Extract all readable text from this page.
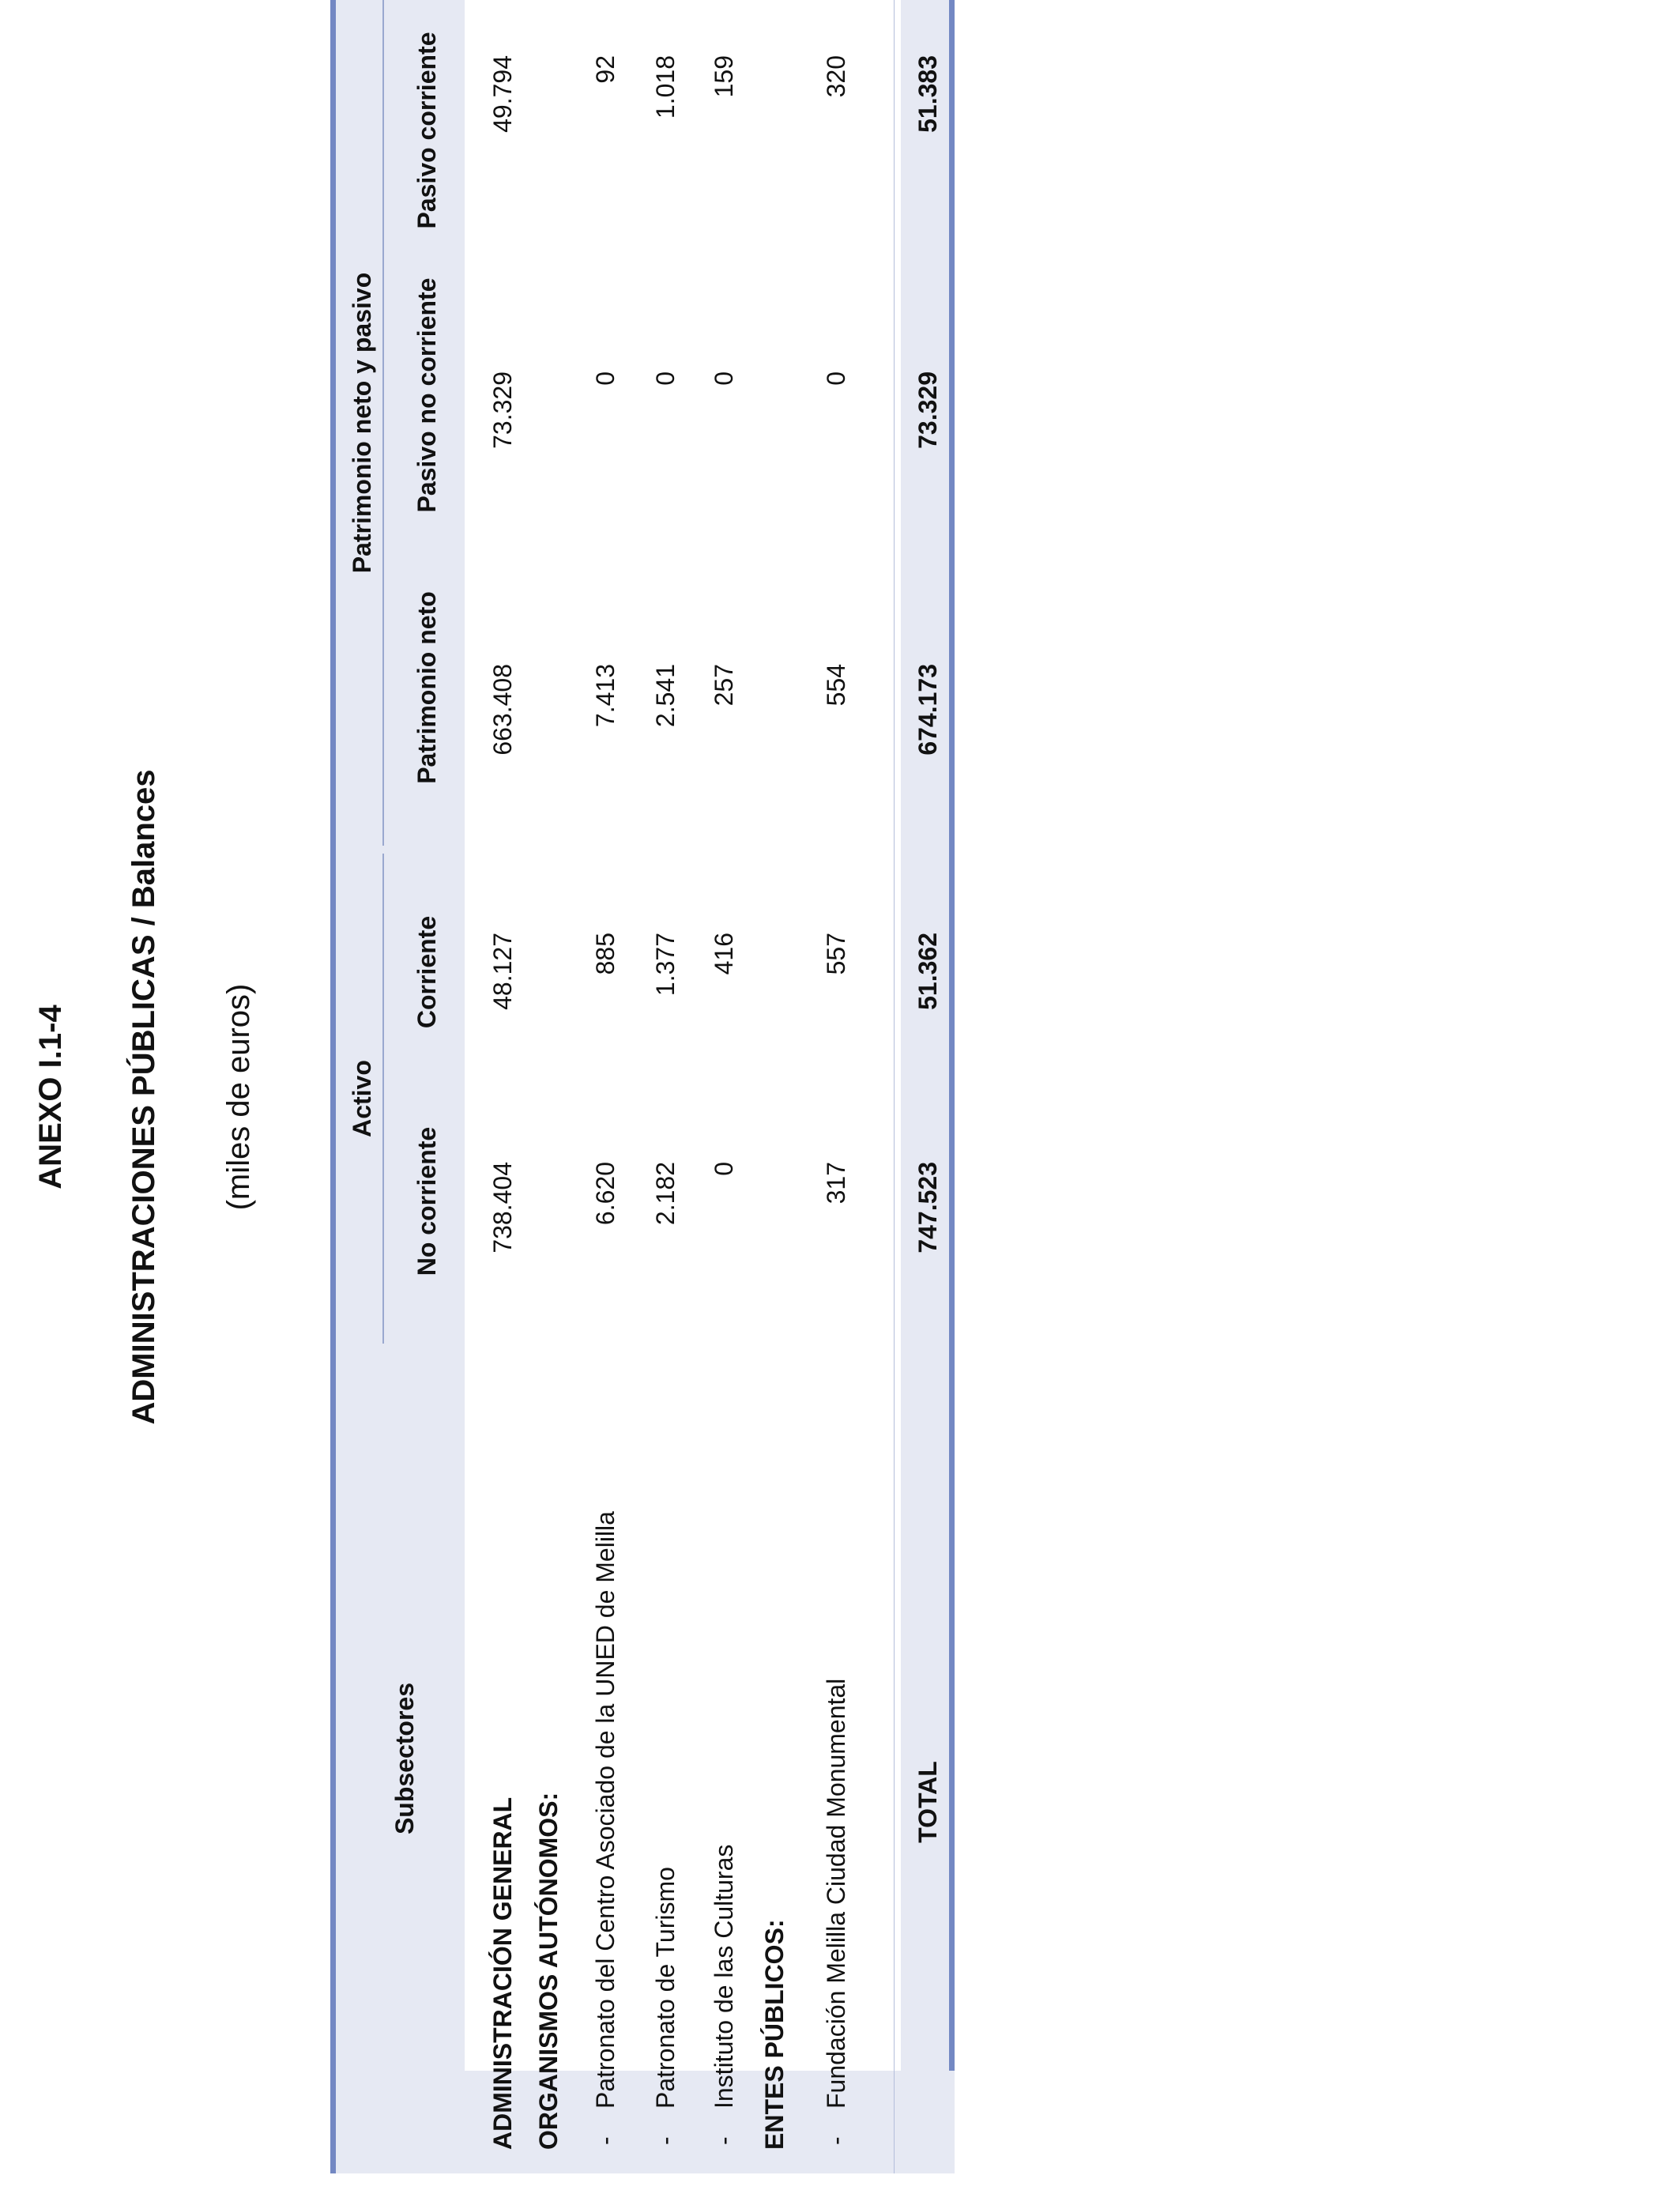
ANEXO I.1-4 ADMINISTRACIONES PÚBLICAS / Balances (miles de euros)
Subsectores
Activo
Patrimonio neto y pasivo
No corriente
Corriente
Patrimonio neto
Pasivo no corriente
Pasivo corriente
ADMINISTRACIÓN GENERAL
738.404
48.127
663.408
73.329
49.794
ORGANISMOS AUTÓNOMOS: -
Patronato del Centro Asociado de la UNED de Melilla
6.620
885
7.413
0
92
-
Patronato de Turismo
2.182
1.377
2.541
0
1.018
-
Instituto de las Culturas
0
416
257
0
159
ENTES PÚBLICOS: -
Fundación Melilla Ciudad Monumental
317
557
554
0
320
TOTAL
747.523
51.362
674.173
73.329
51.383
